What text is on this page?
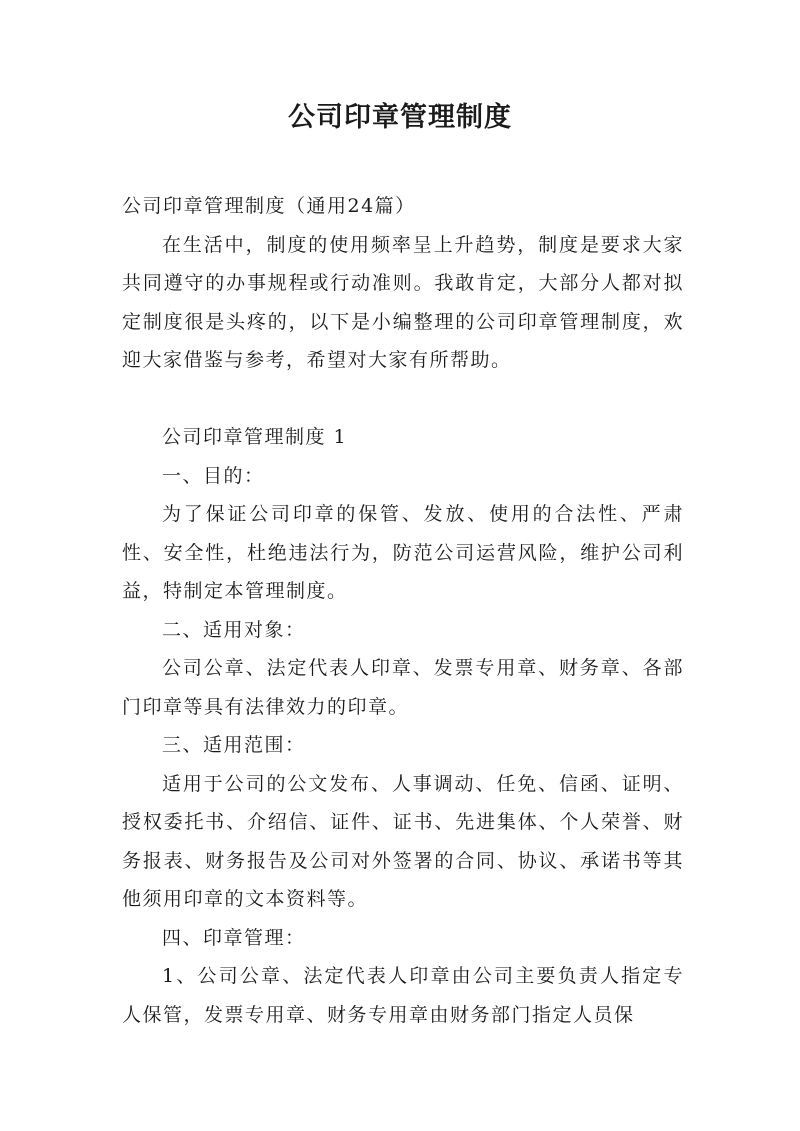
公司印章管理制度

公司印章管理制度（通用24篇）

在生活中，制度的使用频率呈上升趋势，制度是要求大家共同遵守的办事规程或行动准则。我敢肯定，大部分人都对拟定制度很是头疼的，以下是小编整理的公司印章管理制度，欢迎大家借鉴与参考，希望对大家有所帮助。

公司印章管理制度 1

一、目的：

为了保证公司印章的保管、发放、使用的合法性、严肃性、安全性，杜绝违法行为，防范公司运营风险，维护公司利益，特制定本管理制度。

二、适用对象：

公司公章、法定代表人印章、发票专用章、财务章、各部门印章等具有法律效力的印章。

三、适用范围：

适用于公司的公文发布、人事调动、任免、信函、证明、授权委托书、介绍信、证件、证书、先进集体、个人荣誉、财务报表、财务报告及公司对外签署的合同、协议、承诺书等其他须用印章的文本资料等。

四、印章管理：

1、公司公章、法定代表人印章由公司主要负责人指定专人保管，发票专用章、财务专用章由财务部门指定人员保
